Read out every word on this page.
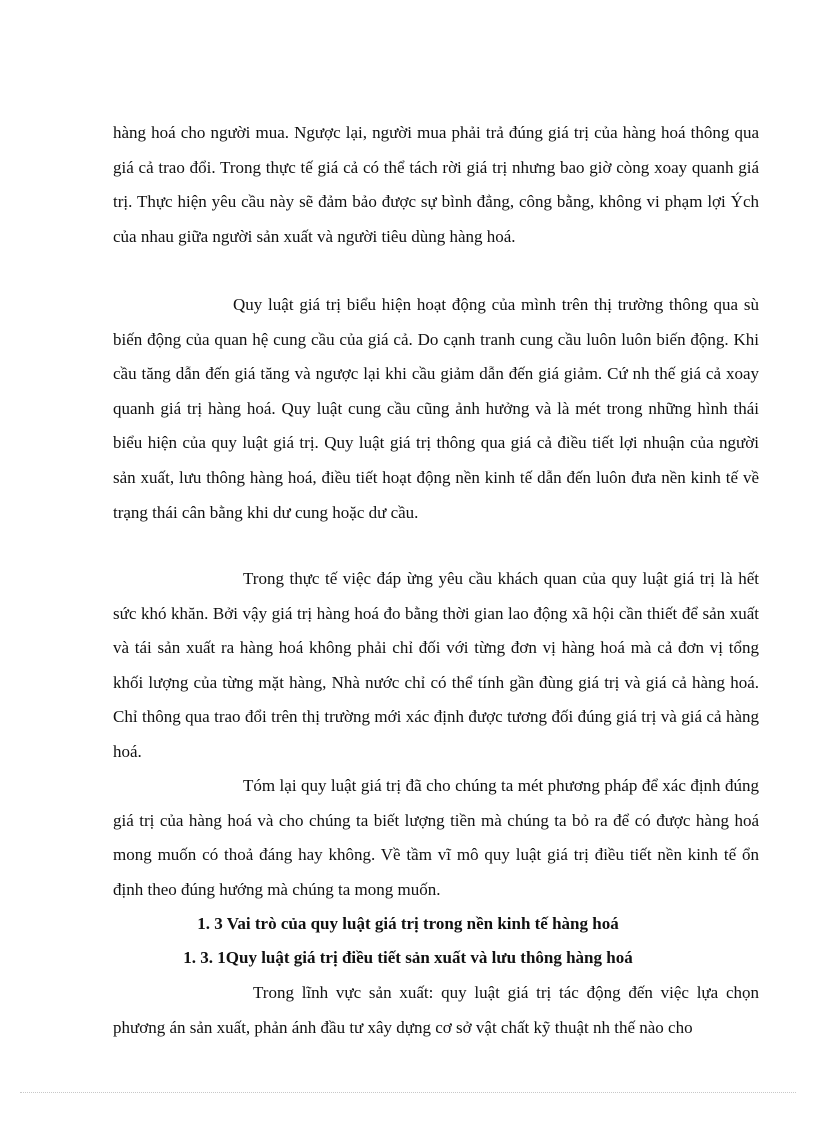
hàng hoá cho người mua. Ngược lại, người mua phải trả đúng giá trị của hàng hoá thông qua giá cả trao đổi. Trong thực tế giá cả có thể tách rời giá trị nhưng bao giờ còng xoay quanh giá trị. Thực hiện yêu cầu này sẽ đảm bảo được sự bình đẳng, công bằng, không vi phạm lợi Ých của nhau giữa người sản xuất và người tiêu dùng hàng hoá.

Quy luật giá trị biểu hiện hoạt động của mình trên thị trường thông qua sù biến động của quan hệ cung cầu của giá cả. Do cạnh tranh cung cầu luôn luôn biến động. Khi cầu tăng dẫn đến giá tăng và ngược lại khi cầu giảm dẫn đến giá giảm. Cứ nh thế giá cả xoay quanh giá trị hàng hoá. Quy luật cung cầu cũng ảnh hưởng và là mét trong những hình thái biểu hiện của quy luật giá trị. Quy luật giá trị thông qua giá cả điều tiết lợi nhuận của người sản xuất, lưu thông hàng hoá, điều tiết hoạt động nền kinh tế dẫn đến luôn đưa nền kinh tế về trạng thái cân bằng khi dư cung hoặc dư cầu.

Trong thực tế việc đáp ừng yêu cầu khách quan của quy luật giá trị là hết sức khó khăn. Bởi vậy giá trị hàng hoá đo bằng thời gian lao động xã hội cần thiết để sản xuất và tái sản xuất ra hàng hoá không phải chỉ đối với từng đơn vị hàng hoá mà cả đơn vị tổng khối lượng của từng mặt hàng, Nhà nước chỉ có thể tính gần đùng giá trị và giá cả hàng hoá. Chỉ thông qua trao đổi trên thị trường mới xác định được tương đối đúng giá trị và giá cả hàng hoá.

Tóm lại quy luật giá trị đã cho chúng ta mét phương pháp để xác định đúng giá trị của hàng hoá và cho chúng ta biết lượng tiền mà chúng ta bỏ ra để có được hàng hoá mong muốn có thoả đáng hay không. Về tầm vĩ mô quy luật giá trị điều tiết nền kinh tế ổn định theo đúng hướng mà chúng ta mong muốn.

1. 3 Vai trò của quy luật giá trị trong nền kinh tế hàng hoá
1. 3. 1Quy luật giá trị điều tiết sản xuất và lưu thông hàng hoá

Trong lĩnh vực sản xuất: quy luật giá trị tác động đến việc lựa chọn phương án sản xuất, phản ánh đầu tư xây dựng cơ sở vật chất kỹ thuật nh thế nào cho
